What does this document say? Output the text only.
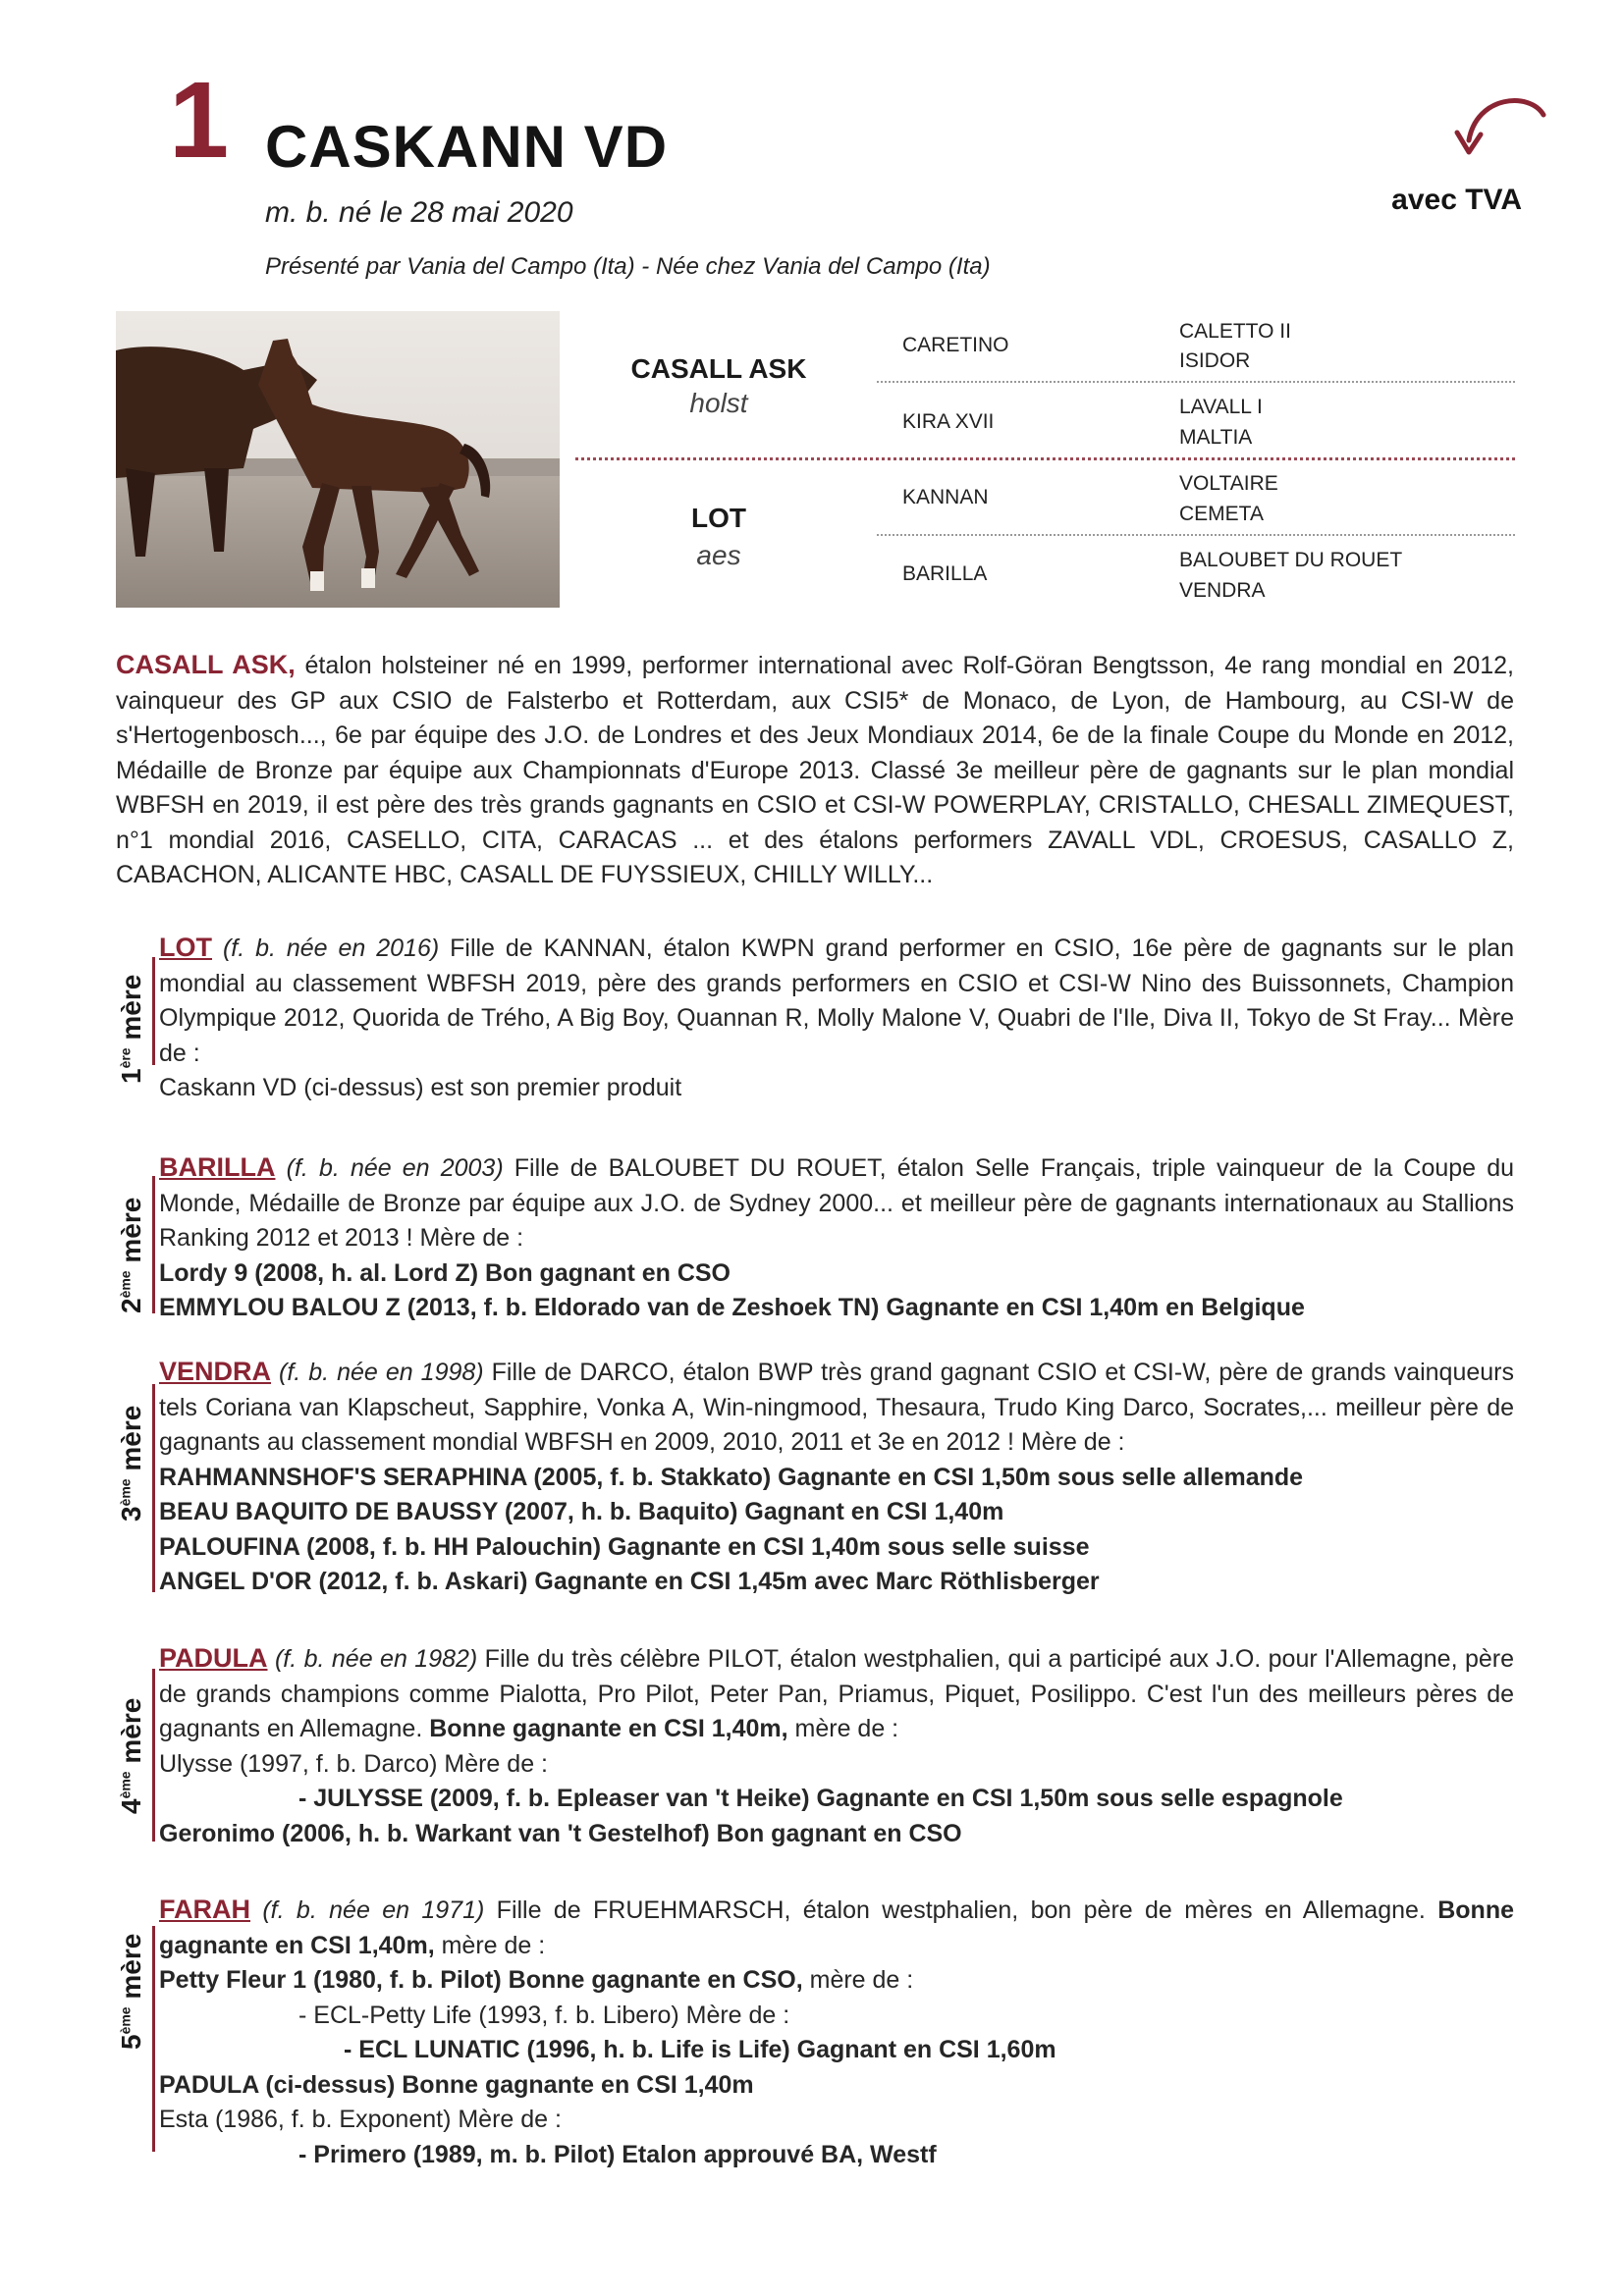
1 CASKANN VD
m. b. né le 28 mai 2020
Présenté par Vania del Campo (Ita) - Née chez Vania del Campo (Ita)
avec TVA
CASALL ASK
holst
LOT
aes
CARETINO
KIRA XVII
KANNAN
BARILLA
CALETTO II
ISIDOR
LAVALL I
MALTIA
VOLTAIRE
CEMETA
BALOUBET DU ROUET
VENDRA
CASALL ASK, étalon holsteiner né en 1999, performer international avec Rolf-Göran Bengtsson, 4e rang mondial en 2012, vainqueur des GP aux CSIO de Falsterbo et Rotterdam, aux CSI5* de Monaco, de Lyon, de Hambourg, au CSI-W de s'Hertogenbosch..., 6e par équipe des J.O. de Londres et des Jeux Mondiaux 2014, 6e de la finale Coupe du Monde en 2012, Médaille de Bronze par équipe aux Championnats d'Europe 2013. Classé 3e meilleur père de gagnants sur le plan mondial WBFSH en 2019, il est père des très grands gagnants en CSIO et CSI-W POWERPLAY, CRISTALLO, CHESALL ZIMEQUEST, n°1 mondial 2016, CASELLO, CITA, CARACAS ... et des étalons performers ZAVALL VDL, CROESUS, CASALLO Z, CABACHON, ALICANTE HBC, CASALL DE FUYSSIEUX, CHILLY WILLY...
1ère mère
LOT (f. b. née en 2016) Fille de KANNAN, étalon KWPN grand performer en CSIO, 16e père de gagnants sur le plan mondial au classement WBFSH 2019, père des grands performers en CSIO et CSI-W Nino des Buissonnets, Champion Olympique 2012, Quorida de Trého, A Big Boy, Quannan R, Molly Malone V, Quabri de l'Ile, Diva II, Tokyo de St Fray... Mère de :
Caskann VD (ci-dessus) est son premier produit
2ème mère
BARILLA (f. b. née en 2003) Fille de BALOUBET DU ROUET, étalon Selle Français, triple vainqueur de la Coupe du Monde, Médaille de Bronze par équipe aux J.O. de Sydney 2000... et meilleur père de gagnants internationaux au Stallions Ranking 2012 et 2013 ! Mère de :
Lordy 9 (2008, h. al. Lord Z) Bon gagnant en CSO
EMMYLOU BALOU Z (2013, f. b. Eldorado van de Zeshoek TN) Gagnante en CSI 1,40m en Belgique
3ème mère
VENDRA (f. b. née en 1998) Fille de DARCO, étalon BWP très grand gagnant CSIO et CSI-W, père de grands vainqueurs tels Coriana van Klapscheut, Sapphire, Vonka A, Win-ningmood, Thesaura, Trudo King Darco, Socrates,... meilleur père de gagnants au classement mondial WBFSH en 2009, 2010, 2011 et 3e en 2012 ! Mère de :
RAHMANNSHOF'S SERAPHINA (2005, f. b. Stakkato) Gagnante en CSI 1,50m sous selle allemande
BEAU BAQUITO DE BAUSSY (2007, h. b. Baquito) Gagnant en CSI 1,40m
PALOUFINA (2008, f. b. HH Palouchin) Gagnante en CSI 1,40m sous selle suisse
ANGEL D'OR (2012, f. b. Askari) Gagnante en CSI 1,45m avec Marc Röthlisberger
4ème mère
PADULA (f. b. née en 1982) Fille du très célèbre PILOT, étalon westphalien, qui a participé aux J.O. pour l'Allemagne, père de grands champions comme Pialotta, Pro Pilot, Peter Pan, Priamus, Piquet, Posilippo. C'est l'un des meilleurs pères de gagnants en Allemagne. Bonne gagnante en CSI 1,40m, mère de :
Ulysse (1997, f. b. Darco) Mère de :
- JULYSSE (2009, f. b. Epleaser van 't Heike) Gagnante en CSI 1,50m sous selle espagnole
Geronimo (2006, h. b. Warkant van 't Gestelhof) Bon gagnant en CSO
5ème mère
FARAH (f. b. née en 1971) Fille de FRUEHMARSCH, étalon westphalien, bon père de mères en Allemagne. Bonne gagnante en CSI 1,40m, mère de :
Petty Fleur 1 (1980, f. b. Pilot) Bonne gagnante en CSO, mère de :
- ECL-Petty Life (1993, f. b. Libero) Mère de :
- ECL LUNATIC (1996, h. b. Life is Life) Gagnant en CSI 1,60m
PADULA (ci-dessus) Bonne gagnante en CSI 1,40m
Esta (1986, f. b. Exponent) Mère de :
- Primero (1989, m. b. Pilot) Etalon approuvé BA, Westf
